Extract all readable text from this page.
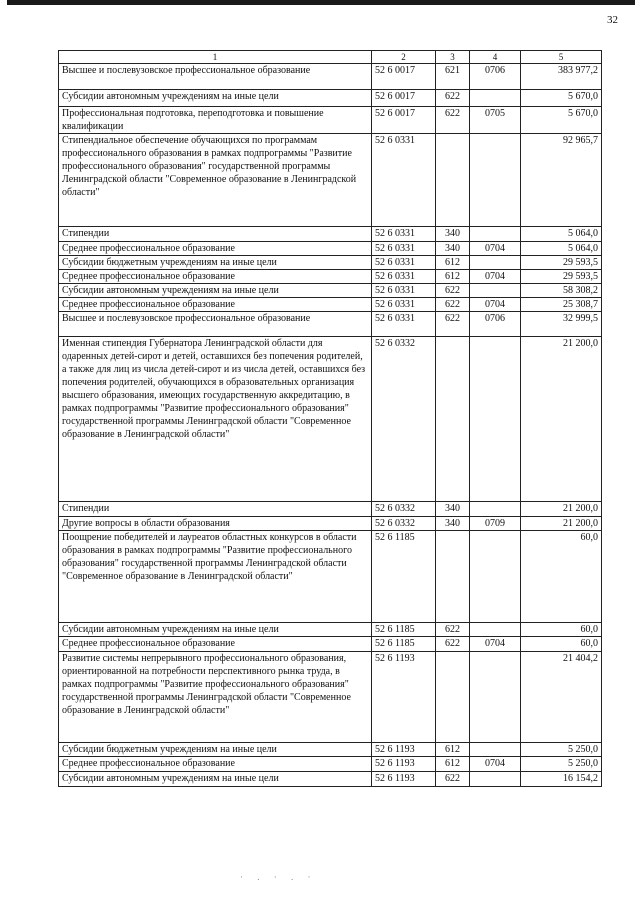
32
1	2	3	4	5
Высшее и послевузовское профессиональное образование	52 6 0017	621	0706	383 977,2
Субсидии автономным учреждениям на иные цели	52 6 0017	622		5 670,0
Профессиональная подготовка, переподготовка и повышение квалификации	52 6 0017	622	0705	5 670,0
Стипендиальное обеспечение обучающихся по программам профессионального образования в рамках подпрограммы "Развитие профессионального образования" государственной программы Ленинградской области "Современное образование в Ленинградской области"	52 6 0331			92 965,7
Стипендии	52 6 0331	340		5 064,0
Среднее профессиональное образование	52 6 0331	340	0704	5 064,0
Субсидии бюджетным учреждениям на иные цели	52 6 0331	612		29 593,5
Среднее профессиональное образование	52 6 0331	612	0704	29 593,5
Субсидии автономным учреждениям на иные цели	52 6 0331	622		58 308,2
Среднее профессиональное образование	52 6 0331	622	0704	25 308,7
Высшее и послевузовское профессиональное образование	52 6 0331	622	0706	32 999,5
Именная стипендия Губернатора Ленинградской области для одаренных детей-сирот и детей, оставшихся без попечения родителей, а также для лиц из числа детей-сирот и из числа детей, оставшихся без попечения родителей, обучающихся в образовательных организация высшего образования, имеющих государственную аккредитацию, в рамках подпрограммы "Развитие профессионального образования" государственной программы Ленинградской области "Современное образование в Ленинградской области"	52 6 0332			21 200,0
Стипендии	52 6 0332	340		21 200,0
Другие вопросы в области образования	52 6 0332	340	0709	21 200,0
Поощрение победителей и лауреатов областных конкурсов в области образования в рамках подпрограммы "Развитие профессионального образования" государственной программы Ленинградской области "Современное образование в Ленинградской области"	52 6 1185			60,0
Субсидии автономным учреждениям на иные цели	52 6 1185	622		60,0
Среднее профессиональное образование	52 6 1185	622	0704	60,0
Развитие системы непрерывного профессионального образования, ориентированной на потребности перспективного рынка труда, в рамках подпрограммы "Развитие профессионального образования" государственной программы Ленинградской области "Современное образование в Ленинградской области"	52 6 1193			21 404,2
Субсидии бюджетным учреждениям на иные цели	52 6 1193	612		5 250,0
Среднее профессиональное образование	52 6 1193	612	0704	5 250,0
Субсидии автономным учреждениям на иные цели	52 6 1193	622		16 154,2
· . · . ·
